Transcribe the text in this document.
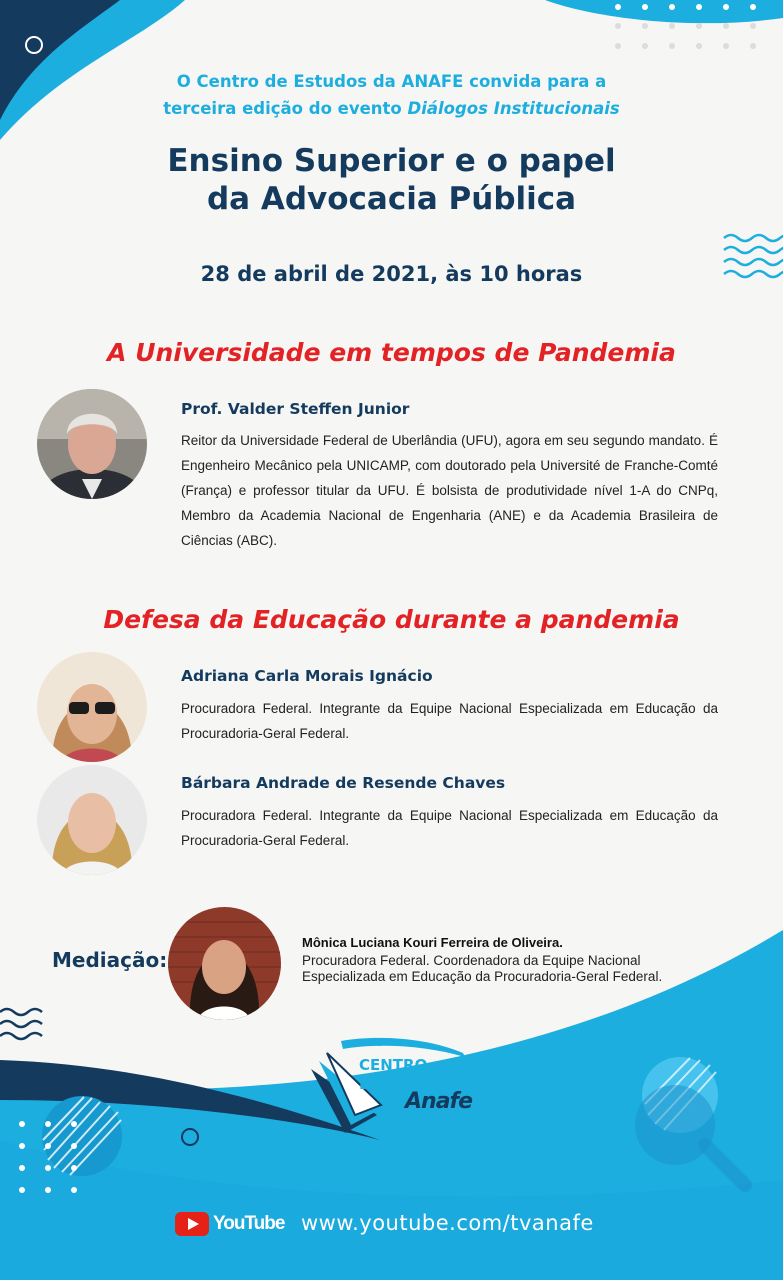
O Centro de Estudos da ANAFE convida para a
terceira edição do evento Diálogos Institucionais
Ensino Superior e o papel
da Advocacia Pública
28 de abril de 2021, às 10 horas
A Universidade em tempos de Pandemia
Prof. Valder Steffen Junior
Reitor da Universidade Federal de Uberlândia (UFU), agora em seu segundo mandato. É Engenheiro Mecânico pela UNICAMP, com doutorado pela Université de Franche-Comté (França) e professor titular da UFU. É bolsista de produtividade nível 1-A do CNPq, Membro da Academia Nacional de Engenharia (ANE) e da Academia Brasileira de Ciências (ABC).
Defesa da Educação durante a pandemia
Adriana Carla Morais Ignácio
Procuradora Federal. Integrante da Equipe Nacional Especializada em Educação da Procuradoria-Geral Federal.
Bárbara Andrade de Resende Chaves
Procuradora Federal. Integrante da Equipe Nacional Especializada em Educação da Procuradoria-Geral Federal.
Mediação:
Mônica Luciana Kouri Ferreira de Oliveira.
Procuradora Federal. Coordenadora da Equipe Nacional Especializada em Educação da Procuradoria-Geral Federal.
CENTRO DE
ESTUDOS
Anafe
YouTube www.youtube.com/tvanafe
